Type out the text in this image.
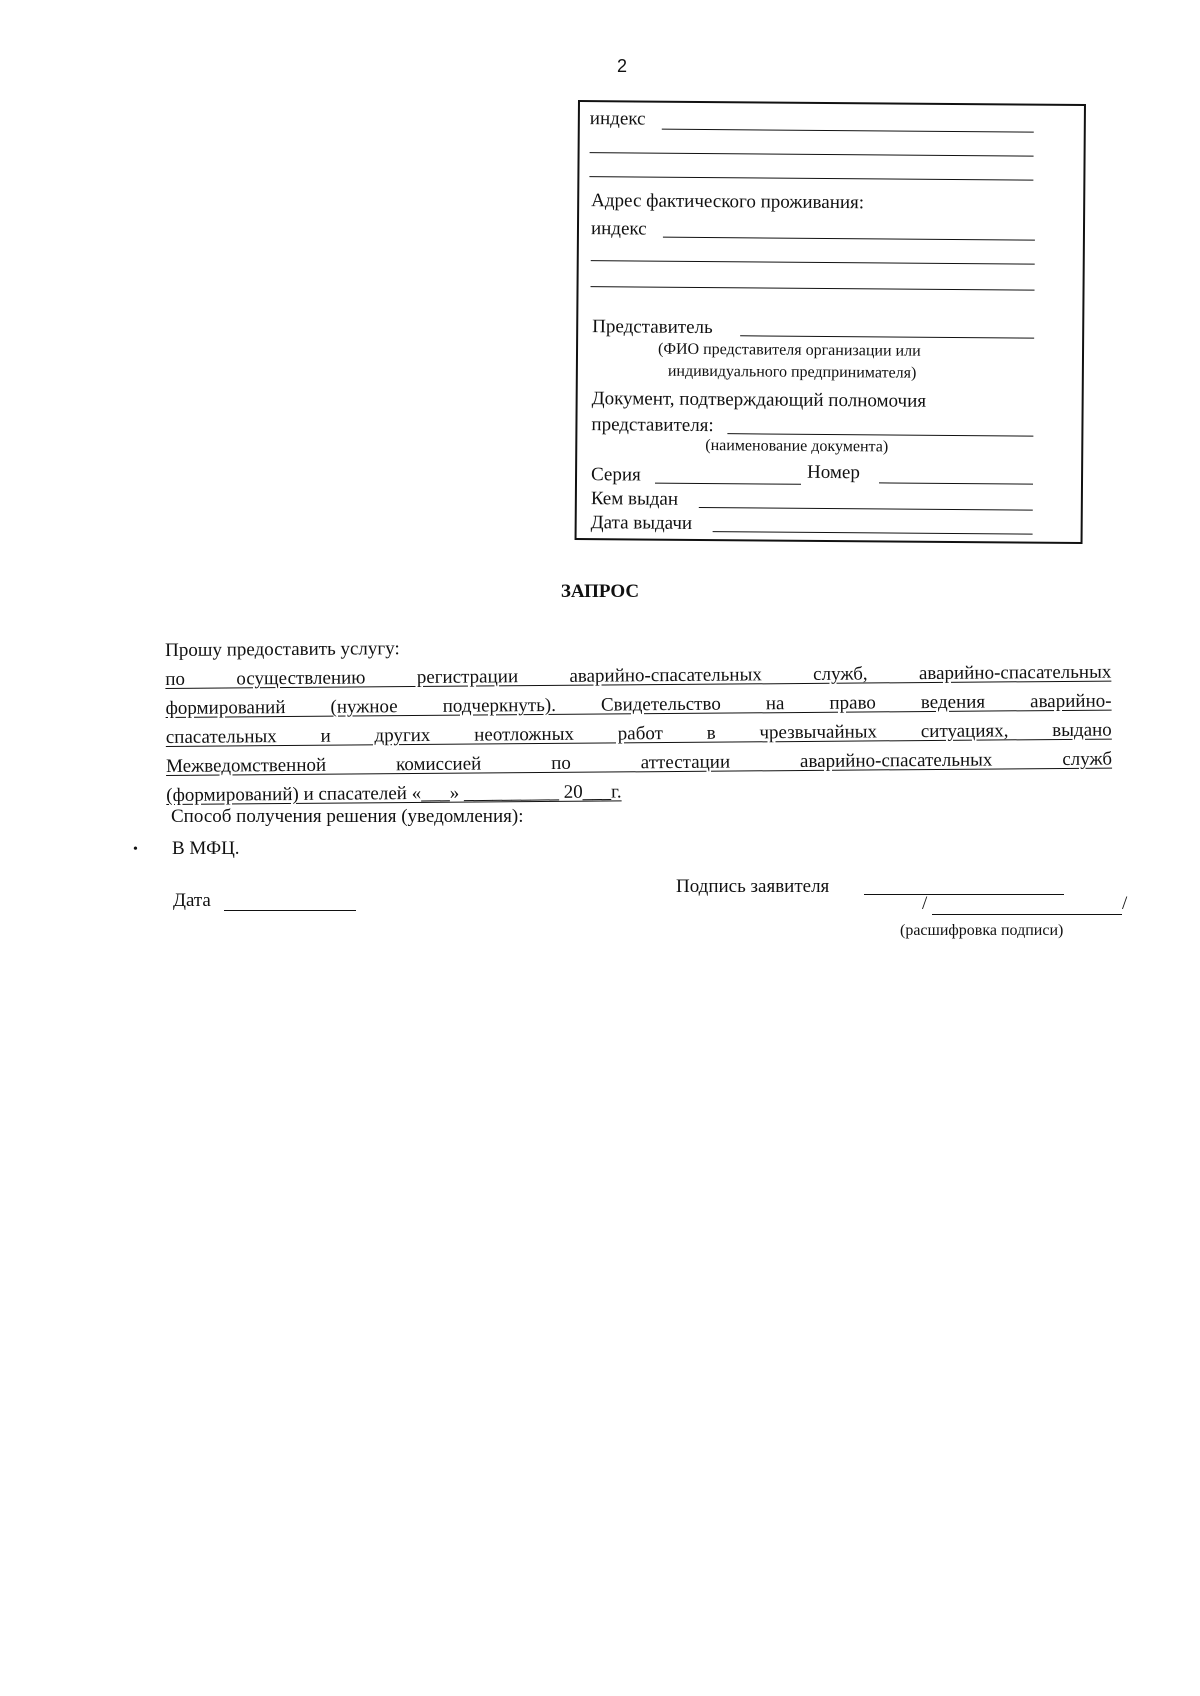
2
индекс
Адрес фактического проживания:
индекс
Представитель
(ФИО представителя организации или
индивидуального предпринимателя)
Документ, подтверждающий полномочия
представителя:
(наименование документа)
Серия	Номер
Кем выдан
Дата выдачи
ЗАПРОС
Прошу предоставить услугу:
по осуществлению регистрации аварийно-спасательных служб, аварийно-спасательных
формирований (нужное подчеркнуть). Свидетельство на право ведения аварийно-
спасательных и других неотложных работ в чрезвычайных ситуациях, выдано
Межведомственной комиссией по аттестации аварийно-спасательных служб
(формирований) и спасателей «___» __________ 20___г.
Способ получения решения (уведомления):
• В МФЦ.
Дата
Подпись заявителя
/	/
(расшифровка подписи)
